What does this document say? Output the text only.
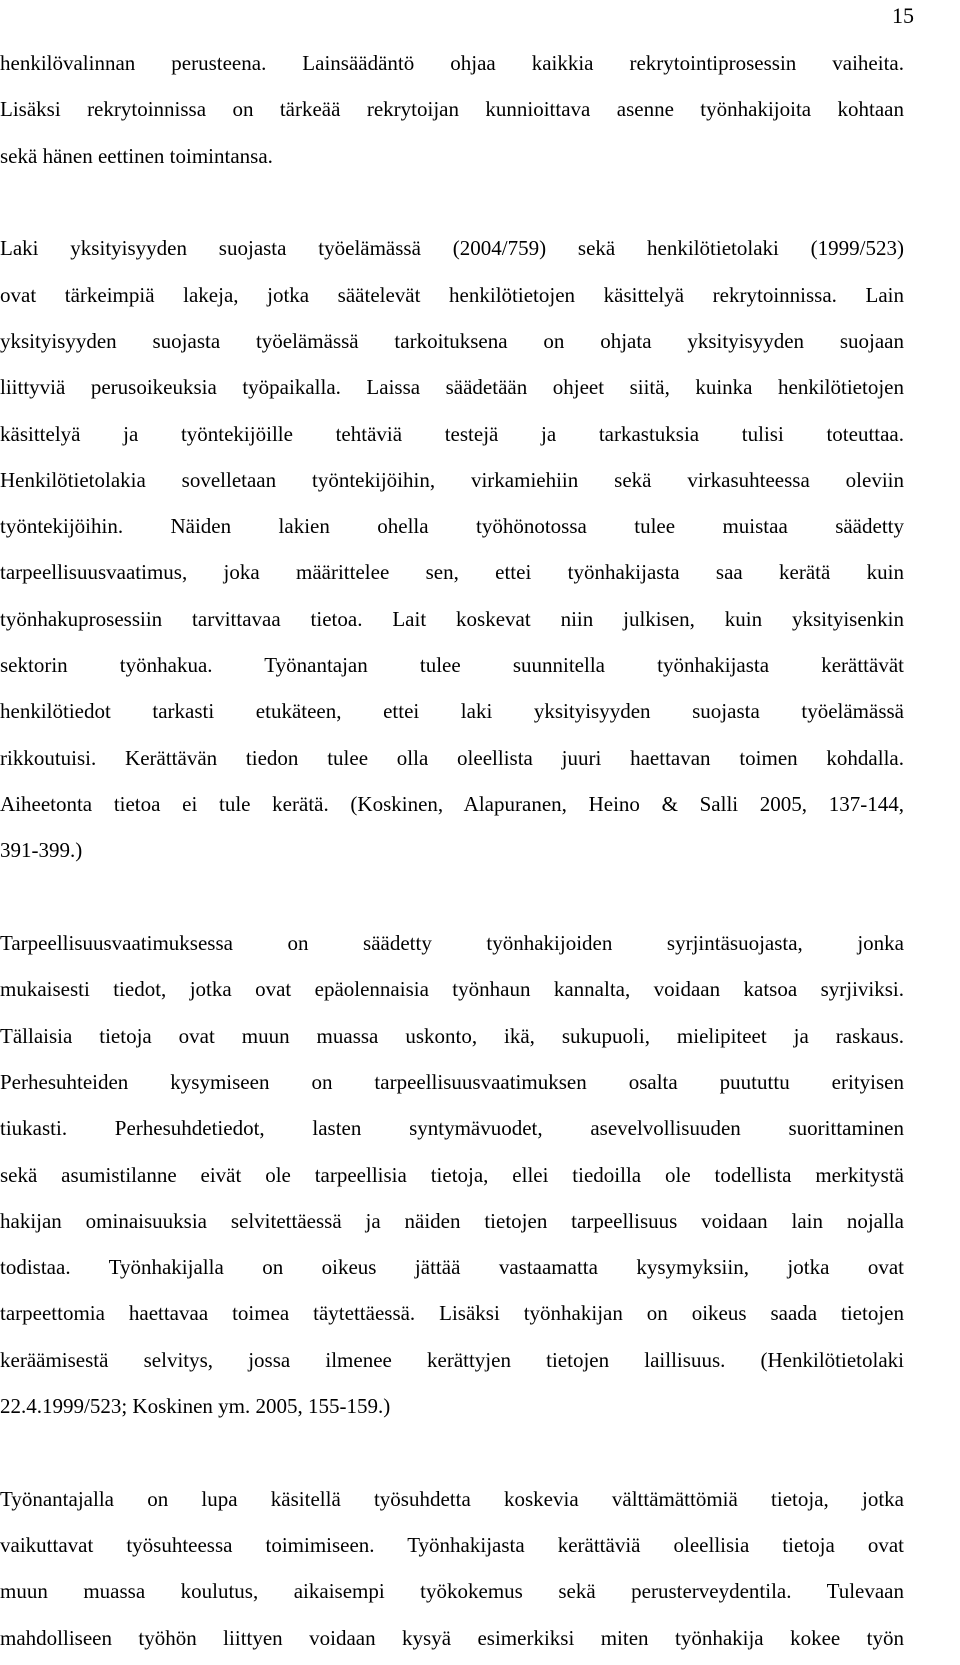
15

henkilövalinnan perusteena. Lainsäädäntö ohjaa kaikkia rekrytointiprosessin vaiheita.
Lisäksi rekrytoinnissa on tärkeää rekrytoijan kunnioittava asenne työnhakijoita kohtaan
sekä hänen eettinen toimintansa.

Laki yksityisyyden suojasta työelämässä (2004/759) sekä henkilötietolaki (1999/523)
ovat tärkeimpiä lakeja, jotka säätelevät henkilötietojen käsittelyä rekrytoinnissa. Lain
yksityisyyden suojasta työelämässä tarkoituksena on ohjata yksityisyyden suojaan
liittyviä perusoikeuksia työpaikalla. Laissa säädetään ohjeet siitä, kuinka henkilötietojen
käsittelyä ja työntekijöille tehtäviä testejä ja tarkastuksia tulisi toteuttaa.
Henkilötietolakia sovelletaan työntekijöihin, virkamiehiin sekä virkasuhteessa oleviin
työntekijöihin. Näiden lakien ohella työhönotossa tulee muistaa säädetty
tarpeellisuusvaatimus, joka määrittelee sen, ettei työnhakijasta saa kerätä kuin
työnhakuprosessiin tarvittavaa tietoa. Lait koskevat niin julkisen, kuin yksityisenkin
sektorin työnhakua. Työnantajan tulee suunnitella työnhakijasta kerättävät
henkilötiedot tarkasti etukäteen, ettei laki yksityisyyden suojasta työelämässä
rikkoutuisi. Kerättävän tiedon tulee olla oleellista juuri haettavan toimen kohdalla.
Aiheetonta tietoa ei tule kerätä. (Koskinen, Alapuranen, Heino & Salli 2005, 137-144,
391-399.)

Tarpeellisuusvaatimuksessa on säädetty työnhakijoiden syrjintäsuojasta, jonka
mukaisesti tiedot, jotka ovat epäolennaisia työnhaun kannalta, voidaan katsoa syrjiviksi.
Tällaisia tietoja ovat muun muassa uskonto, ikä, sukupuoli, mielipiteet ja raskaus.
Perhesuhteiden kysymiseen on tarpeellisuusvaatimuksen osalta puututtu erityisen
tiukasti. Perhesuhdetiedot, lasten syntymävuodet, asevelvollisuuden suorittaminen
sekä asumistilanne eivät ole tarpeellisia tietoja, ellei tiedoilla ole todellista merkitystä
hakijan ominaisuuksia selvitettäessä ja näiden tietojen tarpeellisuus voidaan lain nojalla
todistaa. Työnhakijalla on oikeus jättää vastaamatta kysymyksiin, jotka ovat
tarpeettomia haettavaa toimea täytettäessä. Lisäksi työnhakijan on oikeus saada tietojen
keräämisestä selvitys, jossa ilmenee kerättyjen tietojen laillisuus. (Henkilötietolaki
22.4.1999/523; Koskinen ym. 2005, 155-159.)

Työnantajalla on lupa käsitellä työsuhdetta koskevia välttämättömiä tietoja, jotka
vaikuttavat työsuhteessa toimimiseen. Työnhakijasta kerättäviä oleellisia tietoja ovat
muun muassa koulutus, aikaisempi työkokemus sekä perusterveydentila. Tulevaan
mahdolliseen työhön liittyen voidaan kysyä esimerkiksi miten työnhakija kokee työn
